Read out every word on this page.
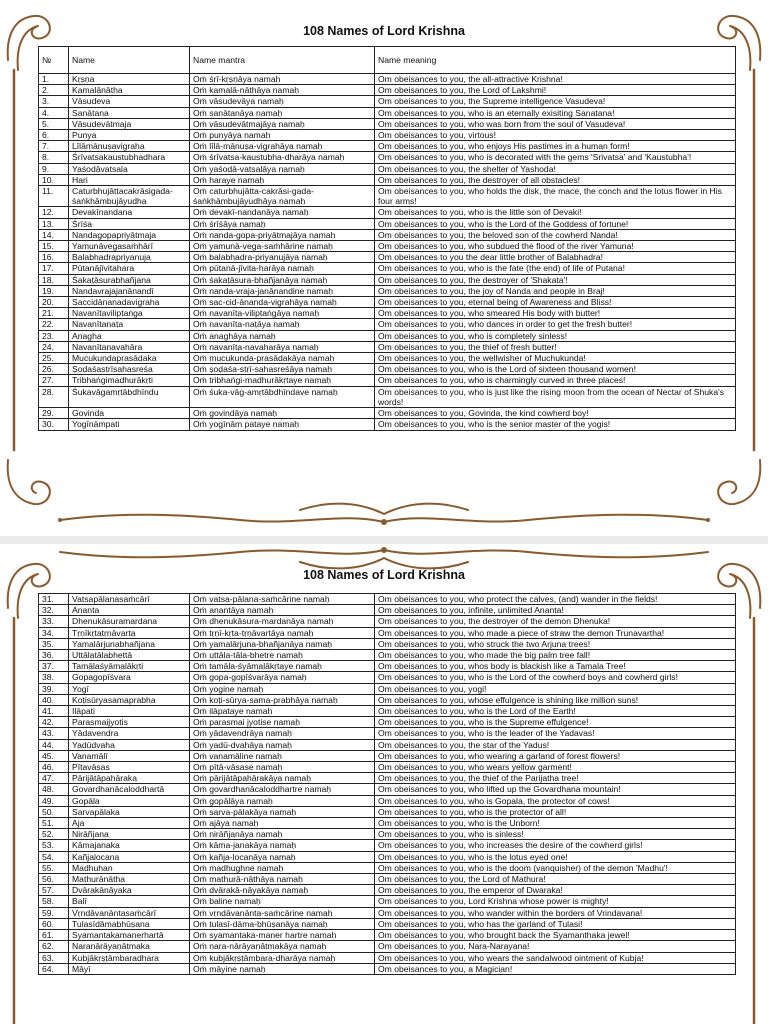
108 Names of Lord Krishna
№	Name	Name mantra	Name meaning
1.	Kṛṣṇa	Oṁ śrī-kṛṣṇāya namaḥ	Om obeisances to you, the all-attractive Krishna!
2.	Kamalānātha	Oṁ kamalā-nāthāya namaḥ	Om obeisances to you, the Lord of Lakshmi!
3.	Vāsudeva	Oṁ vāsudevāya namaḥ	Om obeisances to you, the Supreme intelligence Vasudeva!
4.	Sanātana	Oṁ sanātanāya namaḥ	Om obeisances to you, who is an eternally exisiting Sanatana!
5.	Vāsudevātmaja	Oṁ vāsudevātmajāya namaḥ	Om obeisances to you, who was born from the soul of Vasudeva!
6.	Puṇya	Oṁ puṇyāya namaḥ	Om obeisances to you, virtous!
7.	Līlāmānuṣavigraha	Oṁ līlā-mānuṣa-vigrahāya namaḥ	Om obeisances to you, who enjoys His pastimes in a human form!
8.	Śrīvatsakaustubhadhara	Oṁ śrīvatsa-kaustubha-dharāya namaḥ	Om obeisances to you, who is decorated with the gems 'Srivatsa' and 'Kaustubha'!
9.	Yaśodāvatsala	Oṁ yaśodā-vatsalāya namaḥ	Om obeisances to you, the shelter of Yashoda!
10.	Hari	Oṁ haraye namaḥ	Om obeisances to you, the destroyer of all obstacles!
11.	Caturbhujāttacakrāsigada-śaṅkhāmbujāyudha	Oṁ caturbhujātta-cakrāsi-gada-śaṅkhāmbujāyudhāya namaḥ	Om obeisances to you, who holds the disk, the mace, the conch and the lotus flower in His four arms!
12.	Devakīnandana	Oṁ devakī-nandanāya namaḥ	Om obeisances to you, who is the little son of Devaki!
13.	Śrīśa	Oṁ śrīśāya namaḥ	Om obeisances to you, who is the Lord of the Goddess of fortune!
14.	Nandagopapriyātmaja	Oṁ nanda-gopa-priyātmajāya namaḥ	Om obeisances to you, the beloved son of the cowherd Nanda!
15.	Yamunāvegasaṁhārī	Oṁ yamunā-vega-saṁhārine namaḥ	Om obeisances to you, who subdued the flood of the river Yamuna!
16.	Balabhadrapriyanuja	Oṁ balabhadra-priyanujāya namaḥ	Om obeisances to you the dear little brother of Balabhadra!
17.	Pūtanājīvitahara	Oṁ pūtanā-jīvita-harāya namaḥ	Om obeisances to you, who is the fate (the end) of life of Putana!
18.	Śakaṭāsurabhañjana	Oṁ śakaṭāsura-bhañjanāya namaḥ	Om obeisances to you, the destroyer of 'Shakata'!
19.	Nandavrajajanānandī	Oṁ nanda-vraja-janānandine namaḥ	Om obeisances to you, the joy of Nanda and people in Braj!
20.	Saccidānanadavigraha	Oṁ sac-cid-ānanda-vigrahāya namaḥ	Om obeisances to you, eternal being of Awareness and Bliss!
21.	Navanītaviliptaṅga	Oṁ navanīta-viliptaṅgāya namaḥ	Om obeisances to you, who smeared His body with butter!
22.	Navanītanaṭa	Oṁ navanīta-naṭāya namaḥ	Om obeisances to you, who dances in order to get the fresh butter!
23.	Anagha	Oṁ anaghāya namaḥ	Om obeisances to you, who is completely sinless!
24.	Navanītanavahāra	Oṁ navanīta-navaharāya namaḥ	Om obeisances to you, the thief of fresh butter!
25.	Mucukundaprasādaka	Oṁ mucukunda-prasādakāya namaḥ	Om obeisances to you, the wellwisher of Muchukunda!
26.	Ṣoḍaśastrīsahasreśa	Oṁ ṣoḍaśa-strī-sahasreśāya namaḥ	Om obeisances to you, who is the Lord of sixteen thousand women!
27.	Tribhaṅgimadhurākṛti	Oṁ tribhaṅgi-madhurākṛtaye namaḥ	Om obeisances to you, who is charmingly curved in three places!
28.	Śukavāgamṛtābdhīndu	Oṁ śuka-vāg-amṛtābdhīndave namaḥ	Om obeisances to you, who is just like the rising moon from the ocean of Nectar of Shuka's words!
29.	Govinda	Oṁ govindāya namaḥ	Om obeisances to you, Govinda, the kind cowherd boy!
30.	Yogīnāmpati	Oṁ yogīnām pataye namaḥ	Om obeisances to you, who is the senior master of the yogis!
108 Names of Lord Krishna
31.	Vatsapālanasaṁcārī	Oṁ vatsa-pālana-saṁcārine namaḥ	Om obeisances to you, who protect the calves, (and) wander in the fields!
32.	Ananta	Oṁ anantāya namaḥ	Om obeisances to you, infinite, unlimited Ananta!
33.	Dhenukāsuramardana	Oṁ dhenukāsura-mardanāya namaḥ	Om obeisances to you, the destroyer of the demon Dhenuka!
34.	Tṛṇīkṛtatṛṇāvarta	Oṁ tṛṇī-kṛta-tṛṇāvartāya namaḥ	Om obeisances to you, who made a piece of straw the demon Trunavartha!
35.	Yamalārjunabhañjana	Oṁ yamalārjuna-bhañjanāya namaḥ	Om obeisances to you, who struck the two Arjuna trees!
36.	Uttālatālabhettā	Oṁ uttāla-tāla-bhetre namaḥ	Om obeisances to you, who made the big palm tree fall!
37.	Tamālaśyāmalākṛti	Oṁ tamāla-śyāmalākṛtaye namaḥ	Om obeisances to you, whos body is blackish like a Tamala Tree!
38.	Gopagopīśvara	Oṁ gopa-gopīśvarāya namaḥ	Om obeisances to you, who is the Lord of the cowherd boys and cowherd girls!
39.	Yogī	Oṁ yogine namaḥ	Om obeisances to you, yogi!
40.	Koṭisūryasamaprabha	Oṁ koṭi-sūrya-sama-prabhāya namaḥ	Om obeisances to you, whose effulgence is shining like million suns!
41.	Ilāpati	Oṁ ilāpataye namaḥ	Om obeisances to you, who is the Lord of the Earth!
42.	Parasmaijyotis	Oṁ parasmai jyotise namaḥ	Om obeisances to you, who is the Supreme effulgence!
43.	Yādavendra	Oṁ yādavendrāya namaḥ	Om obeisances to you, who is the leader of the Yadavas!
44.	Yadūdvaha	Oṁ yadū-dvahāya namaḥ	Om obeisances to you, the star of the Yadus!
45.	Vanamālī	Oṁ vanamāline namaḥ	Om obeisances to you, who wearing a garland of forest flowers!
46.	Pītavāsas	Oṁ pītā-vāsase namaḥ	Om obeisances to you, who wears yellow garment!
47.	Pārijātāpahāraka	Oṁ pārijātāpahārakāya namaḥ	Om obeisances to you, the thief of the Parijatha tree!
48.	Govardhanācaloddhartā	Oṁ govardhanācaloddhartre namaḥ	Om obeisances to you, who lifted up the Govardhana mountain!
49.	Gopāla	Oṁ gopālāya namaḥ	Om obeisances to you, who is Gopala, the protector of cows!
50.	Sarvapālaka	Oṁ sarva-pālakāya namaḥ	Om obeisances to you, who is the protector of all!
51.	Aja	Oṁ ajāya namaḥ	Om obeisances to you, who is the Unborn!
52.	Nirāñjana	Oṁ nirāñjanāya namaḥ	Om obeisances to you, who is sinless!
53.	Kāmajanaka	Oṁ kāma-janakāya namaḥ	Om obeisances to you, who increases the desire of the cowherd girls!
54.	Kañjalocana	Oṁ kañja-locanāya namaḥ	Om obeisances to you, who is the lotus eyed one!
55.	Madhuhan	Oṁ madhughne namaḥ	Om obeisances to you, who is the doom (vanquisher) of the demon 'Madhu'!
56.	Mathurānātha	Oṁ mathurā-nāthāya namaḥ	Om obeisances to you, the Lord of Mathura!
57.	Dvārakānāyaka	Oṁ dvārakā-nāyakāya namaḥ	Om obeisances to you, the emperor of Dwaraka!
58.	Balī	Oṁ baline namaḥ	Om obeisances to you, Lord Krishna whose power is mighty!
59.	Vṛndāvanāntasaṁcārī	Oṁ vṛndāvanānta-saṁcārine namaḥ	Om obeisances to you, who wander within the borders of Vrindavana!
60.	Tulasīdāmabhūṣana	Oṁ tulasī-dāma-bhūṣanāya namaḥ	Om obeisances to you, who has the garland of Tulasi!
61.	Syamantakamanerhartā	Oṁ syamantaka-maner hartre namaḥ	Om obeisances to you, who brought back the Syamanthaka jewel!
62.	Naranārāyaṇātmaka	Oṁ nara-nārāyaṇātmakāya namaḥ	Om obeisances to you, Nara-Narayana!
63.	Kubjākṛṣṭāmbaradhara	Oṁ kubjākṛṣṭāmbara-dharāya namaḥ	Om obeisances to you, who wears the sandalwood ointment of Kubja!
64.	Māyī	Oṁ māyine namaḥ	Om obeisances to you, a Magician!
